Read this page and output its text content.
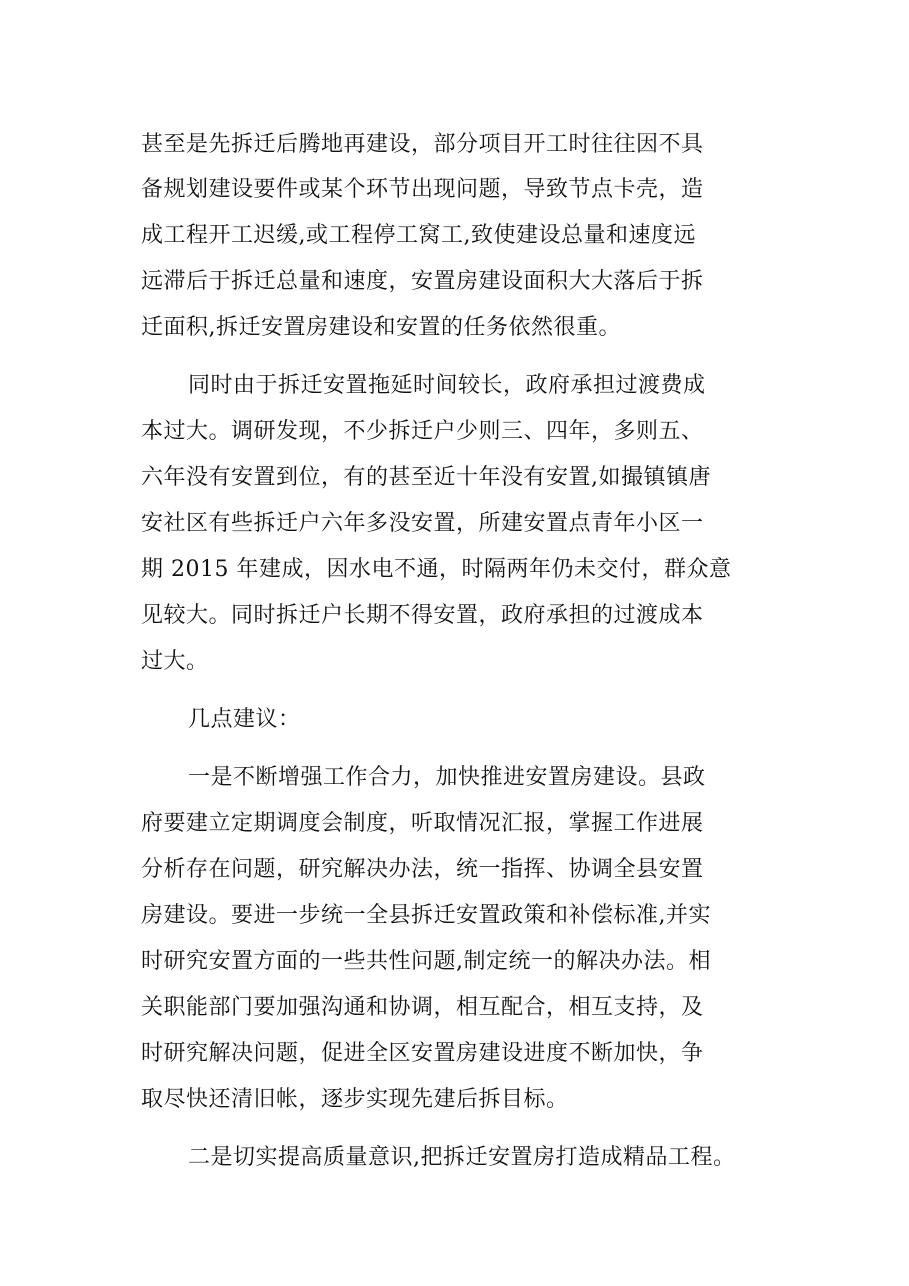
甚至是先拆迁后腾地再建设，部分项目开工时往往因不具
备规划建设要件或某个环节出现问题，导致节点卡壳，造
成工程开工迟缓,或工程停工窝工,致使建设总量和速度远
远滞后于拆迁总量和速度，安置房建设面积大大落后于拆
迁面积,拆迁安置房建设和安置的任务依然很重。
同时由于拆迁安置拖延时间较长，政府承担过渡费成
本过大。调研发现，不少拆迁户少则三、四年，多则五、
六年没有安置到位，有的甚至近十年没有安置,如撮镇镇唐
安社区有些拆迁户六年多没安置，所建安置点青年小区一
期 2015 年建成，因水电不通，时隔两年仍未交付，群众意
见较大。同时拆迁户长期不得安置，政府承担的过渡成本
过大。
几点建议：
一是不断增强工作合力，加快推进安置房建设。县政
府要建立定期调度会制度，听取情况汇报，掌握工作进展
分析存在问题，研究解决办法，统一指挥、协调全县安置
房建设。要进一步统一全县拆迁安置政策和补偿标准,并实
时研究安置方面的一些共性问题,制定统一的解决办法。相
关职能部门要加强沟通和协调，相互配合，相互支持，及
时研究解决问题，促进全区安置房建设进度不断加快，争
取尽快还清旧帐，逐步实现先建后拆目标。
二是切实提高质量意识,把拆迁安置房打造成精品工程。
